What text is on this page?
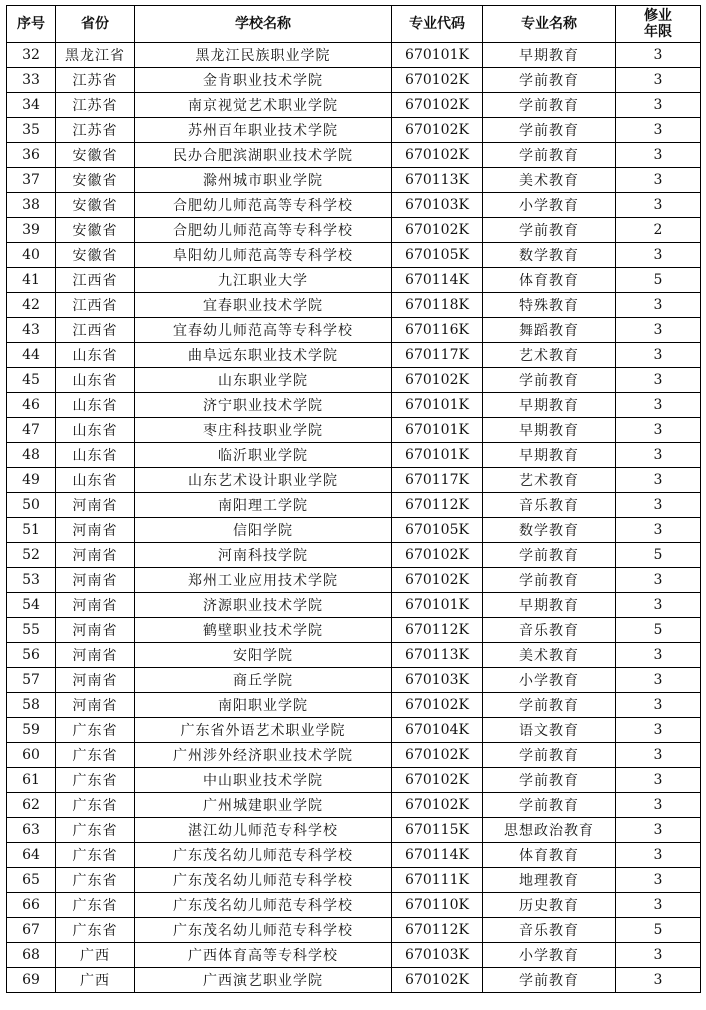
序号	省份	学校名称	专业代码	专业名称	修业
年限

32	黑龙江省	黑龙江民族职业学院	670101K	早期教育	3
33	江苏省	金肯职业技术学院	670102K	学前教育	3
34	江苏省	南京视觉艺术职业学院	670102K	学前教育	3
35	江苏省	苏州百年职业技术学院	670102K	学前教育	3
36	安徽省	民办合肥滨湖职业技术学院	670102K	学前教育	3
37	安徽省	滁州城市职业学院	670113K	美术教育	3
38	安徽省	合肥幼儿师范高等专科学校	670103K	小学教育	3
39	安徽省	合肥幼儿师范高等专科学校	670102K	学前教育	2
40	安徽省	阜阳幼儿师范高等专科学校	670105K	数学教育	3
41	江西省	九江职业大学	670114K	体育教育	5
42	江西省	宜春职业技术学院	670118K	特殊教育	3
43	江西省	宜春幼儿师范高等专科学校	670116K	舞蹈教育	3
44	山东省	曲阜远东职业技术学院	670117K	艺术教育	3
45	山东省	山东职业学院	670102K	学前教育	3
46	山东省	济宁职业技术学院	670101K	早期教育	3
47	山东省	枣庄科技职业学院	670101K	早期教育	3
48	山东省	临沂职业学院	670101K	早期教育	3
49	山东省	山东艺术设计职业学院	670117K	艺术教育	3
50	河南省	南阳理工学院	670112K	音乐教育	3
51	河南省	信阳学院	670105K	数学教育	3
52	河南省	河南科技学院	670102K	学前教育	5
53	河南省	郑州工业应用技术学院	670102K	学前教育	3
54	河南省	济源职业技术学院	670101K	早期教育	3
55	河南省	鹤壁职业技术学院	670112K	音乐教育	5
56	河南省	安阳学院	670113K	美术教育	3
57	河南省	商丘学院	670103K	小学教育	3
58	河南省	南阳职业学院	670102K	学前教育	3
59	广东省	广东省外语艺术职业学院	670104K	语文教育	3
60	广东省	广州涉外经济职业技术学院	670102K	学前教育	3
61	广东省	中山职业技术学院	670102K	学前教育	3
62	广东省	广州城建职业学院	670102K	学前教育	3
63	广东省	湛江幼儿师范专科学校	670115K	思想政治教育	3
64	广东省	广东茂名幼儿师范专科学校	670114K	体育教育	3
65	广东省	广东茂名幼儿师范专科学校	670111K	地理教育	3
66	广东省	广东茂名幼儿师范专科学校	670110K	历史教育	3
67	广东省	广东茂名幼儿师范专科学校	670112K	音乐教育	5
68	广西	广西体育高等专科学校	670103K	小学教育	3
69	广西	广西演艺职业学院	670102K	学前教育	3
